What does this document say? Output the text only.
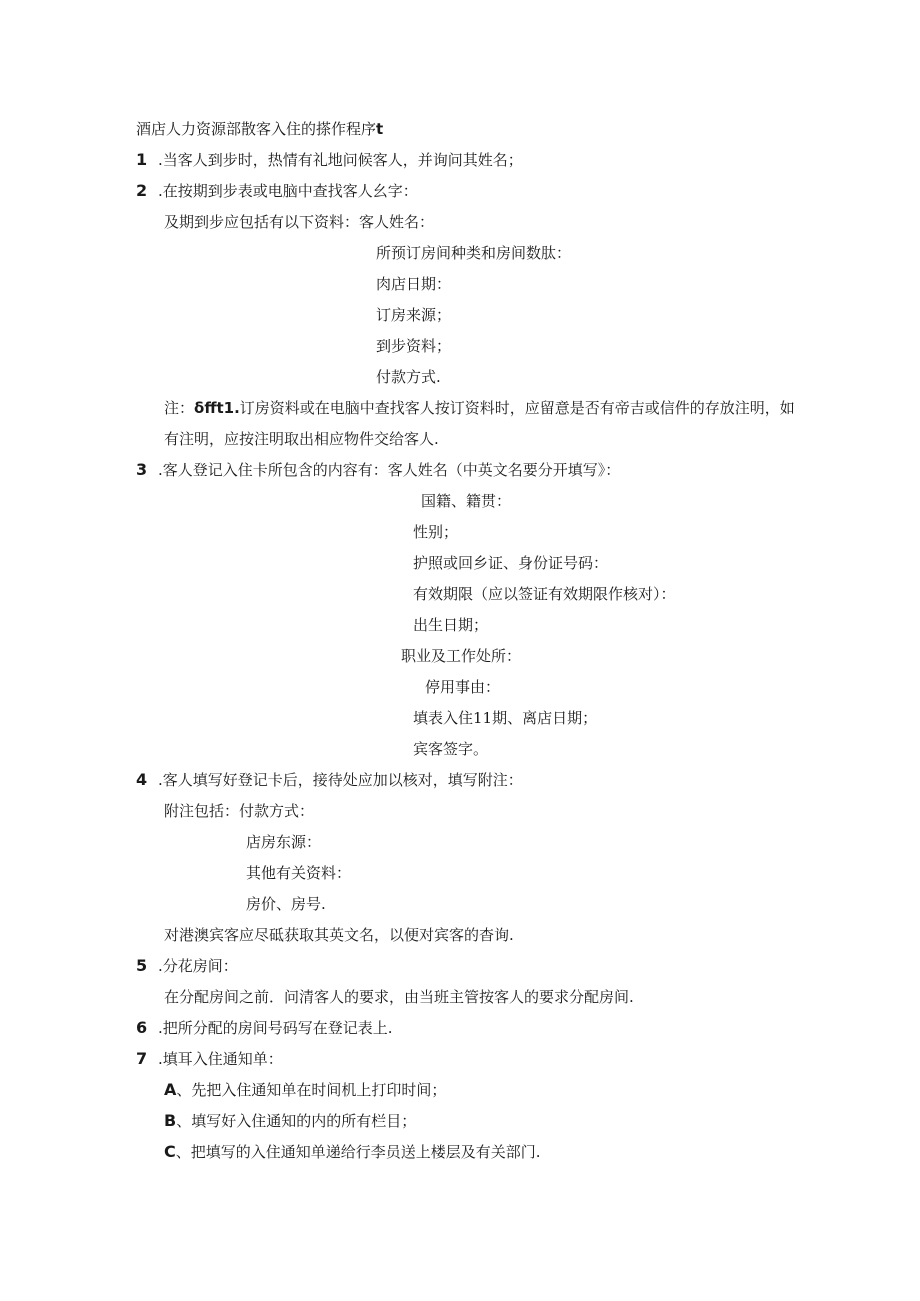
酒店人力资源部散客入住的搽作程序t
1 .当客人到步时，热情有礼地问候客人，并询问其姓名；
2 .在按期到步表或电脑中查找客人幺字：
及期到步应包括有以下资料：客人姓名：
所预订房间种类和房间数肽：
肉店日期：
订房来源；
到步资料；
付款方式.
注：δfft1.订房资料或在电脑中查找客人按订资料时，应留意是否有帝吉或信件的存放注明，如
有注明，应按注明取出相应物件交给客人.
3 .客人登记入住卡所包含的内容有：客人姓名（中英文名要分开填写》：
国籍、籍贯：
性别；
护照或回乡证、身份证号码：
有效期限（应以签证有效期限作核对）：
出生日期；
职业及工作处所：
停用事由：
填表入住11期、离店日期；
宾客签字。
4 .客人填写好登记卡后，接待处应加以核对，填写附注：
附注包括：付款方式：
店房东源：
其他有关资料：
房价、房号.
对港澳宾客应尽砥获取其英文名，以便对宾客的杳询.
5 .分花房间：
在分配房间之前．问清客人的要求，由当班主管按客人的要求分配房间.
6 .把所分配的房间号码写在登记表上.
7 .填耳入住通知单：
A、先把入住通知单在时间机上打印时间；
B、填写好入住通知的内的所有栏目；
C、把填写的入住通知单递给行李员送上楼层及有关部门.
